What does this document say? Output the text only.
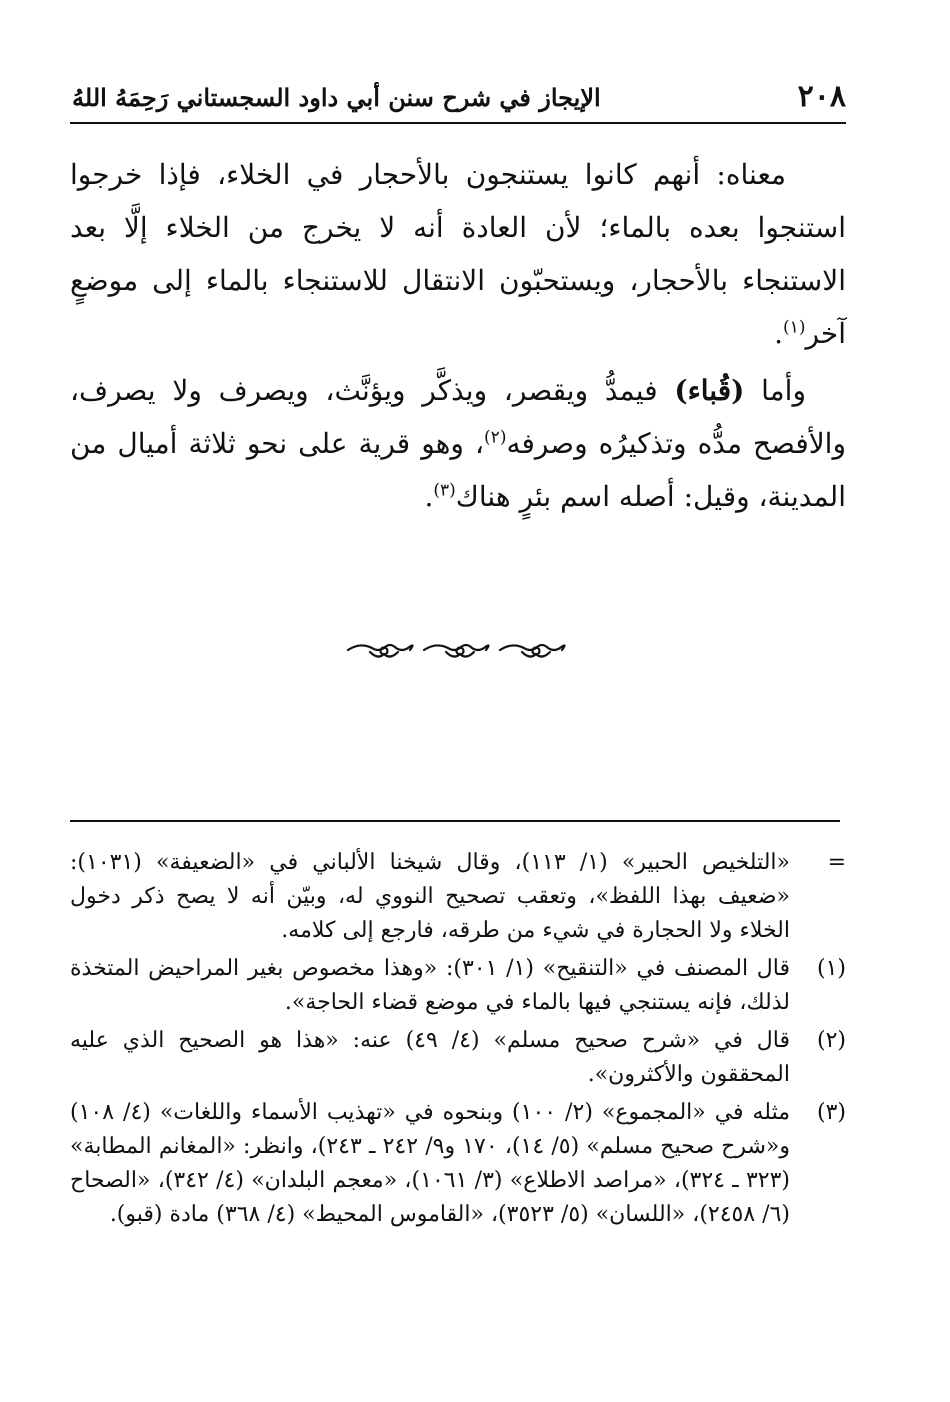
٢٠٨
الإيجاز في شرح سنن أبي داود السجستاني رَحِمَهُ اللهُ

معناه: أنهم كانوا يستنجون بالأحجار في الخلاء، فإذا خرجوا استنجوا بعده بالماء؛ لأن العادة أنه لا يخرج من الخلاء إلَّا بعد الاستنجاء بالأحجار، ويستحبّون الانتقال للاستنجاء بالماء إلى موضعٍ آخر$^{(١)}$.

وأما (قُباء) فيمدُّ ويقصر، ويذكَّر ويؤنَّث، ويصرف ولا يصرف، والأفصح مدُّه وتذكيرُه وصرفه$^{(٢)}$، وهو قرية على نحو ثلاثة أميال من المدينة، وقيل: أصله اسم بئرٍ هناك$^{(٣)}$.

=
«التلخيص الحبير» (١/ ١١٣)، وقال شيخنا الألباني في «الضعيفة» (١٠٣١): «ضعيف بهذا اللفظ»، وتعقب تصحيح النووي له، وبيّن أنه لا يصح ذكر دخول الخلاء ولا الحجارة في شيء من طرقه، فارجع إلى كلامه.
(١)
قال المصنف في «التنقيح» (١/ ٣٠١): «وهذا مخصوص بغير المراحيض المتخذة لذلك، فإنه يستنجي فيها بالماء في موضع قضاء الحاجة».
(٢)
قال في «شرح صحيح مسلم» (٤/ ٤٩) عنه: «هذا هو الصحيح الذي عليه المحققون والأكثرون».
(٣)
مثله في «المجموع» (٢/ ١٠٠) وبنحوه في «تهذيب الأسماء واللغات» (٤/ ١٠٨) و«شرح صحيح مسلم» (٥/ ١٤)، ١٧٠ و٩/ ٢٤٢ ـ ٢٤٣)، وانظر: «المغانم المطابة» (٣٢٣ ـ ٣٢٤)، «مراصد الاطلاع» (٣/ ١٠٦١)، «معجم البلدان» (٤/ ٣٤٢)، «الصحاح (٦/ ٢٤٥٨)، «اللسان» (٥/ ٣٥٢٣)، «القاموس المحيط» (٤/ ٣٦٨) مادة (قبو).
